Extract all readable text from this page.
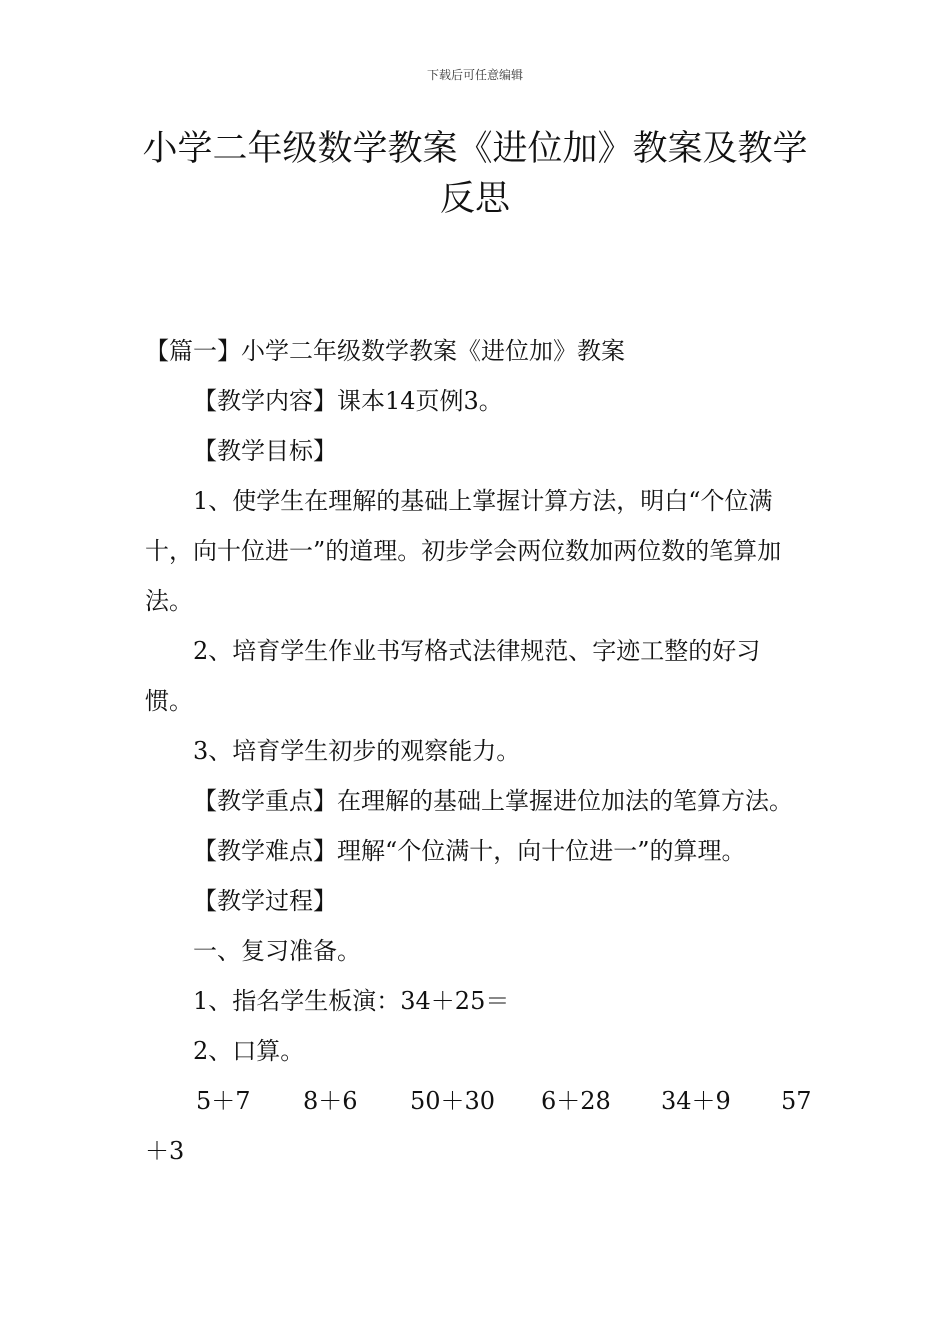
下载后可任意编辑
小学二年级数学教案《进位加》教案及教学反思

【篇一】小学二年级数学教案《进位加》教案

【教学内容】课本14页例3。

【教学目标】

1、使学生在理解的基础上掌握计算方法，明白“个位满十，向十位进一”的道理。初步学会两位数加两位数的笔算加法。

2、培育学生作业书写格式法律规范、字迹工整的好习惯。

3、培育学生初步的观察能力。

【教学重点】在理解的基础上掌握进位加法的笔算方法。

【教学难点】理解“个位满十，向十位进一”的算理。

【教学过程】

一、复习准备。

1、指名学生板演：34＋25＝

2、口算。

5＋7 8＋6 50＋30 6＋28 34＋9 57

＋3
